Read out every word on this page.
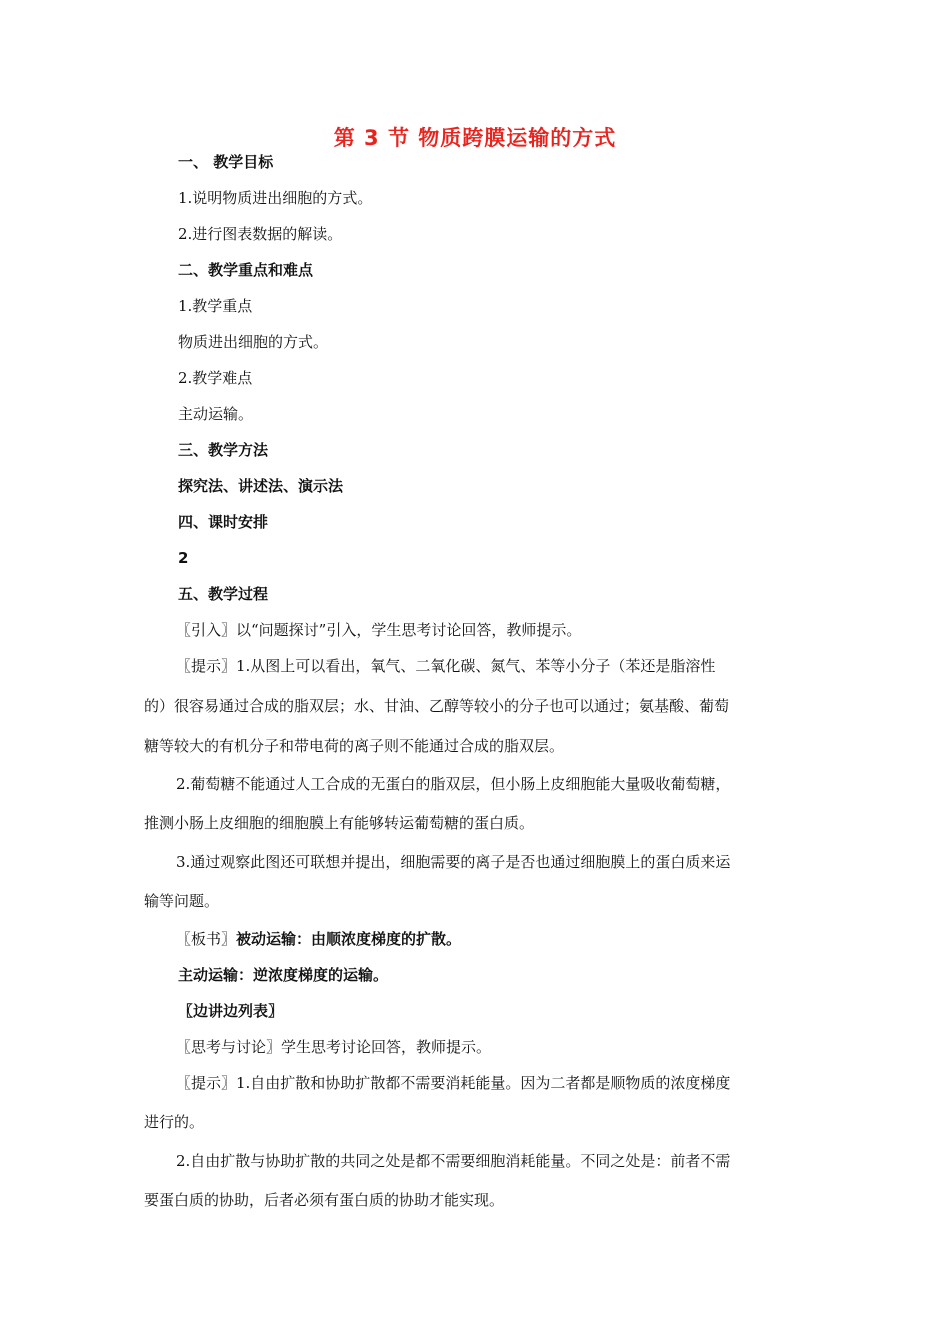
第 3 节 物质跨膜运输的方式
一、 教学目标
1.说明物质进出细胞的方式。
2.进行图表数据的解读。
二、教学重点和难点
1.教学重点
物质进出细胞的方式。
2.教学难点
主动运输。
三、教学方法
探究法、讲述法、演示法
四、课时安排
2
五、教学过程
〖引入〗以“问题探讨”引入，学生思考讨论回答，教师提示。
〖提示〗1.从图上可以看出，氧气、二氧化碳、氮气、苯等小分子（苯还是脂溶性
的）很容易通过合成的脂双层；水、甘油、乙醇等较小的分子也可以通过；氨基酸、葡萄
糖等较大的有机分子和带电荷的离子则不能通过合成的脂双层。
2.葡萄糖不能通过人工合成的无蛋白的脂双层，但小肠上皮细胞能大量吸收葡萄糖，
推测小肠上皮细胞的细胞膜上有能够转运葡萄糖的蛋白质。
3.通过观察此图还可联想并提出，细胞需要的离子是否也通过细胞膜上的蛋白质来运
输等问题。
〖板书〗被动运输：由顺浓度梯度的扩散。
主动运输：逆浓度梯度的运输。
〖边讲边列表〗
〖思考与讨论〗学生思考讨论回答，教师提示。
〖提示〗1.自由扩散和协助扩散都不需要消耗能量。因为二者都是顺物质的浓度梯度
进行的。
2.自由扩散与协助扩散的共同之处是都不需要细胞消耗能量。不同之处是：前者不需
要蛋白质的协助，后者必须有蛋白质的协助才能实现。
